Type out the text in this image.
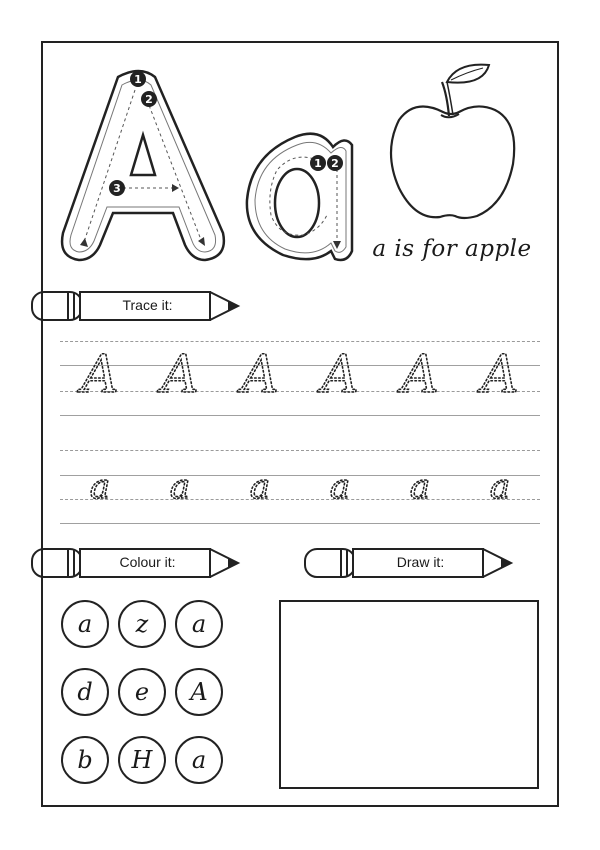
1
2
3
1 2
a is for apple
Trace it:
A A A A A A
a a a a a a
Colour it:	Draw it:
a	z	a
d	e	A
b	H	a
